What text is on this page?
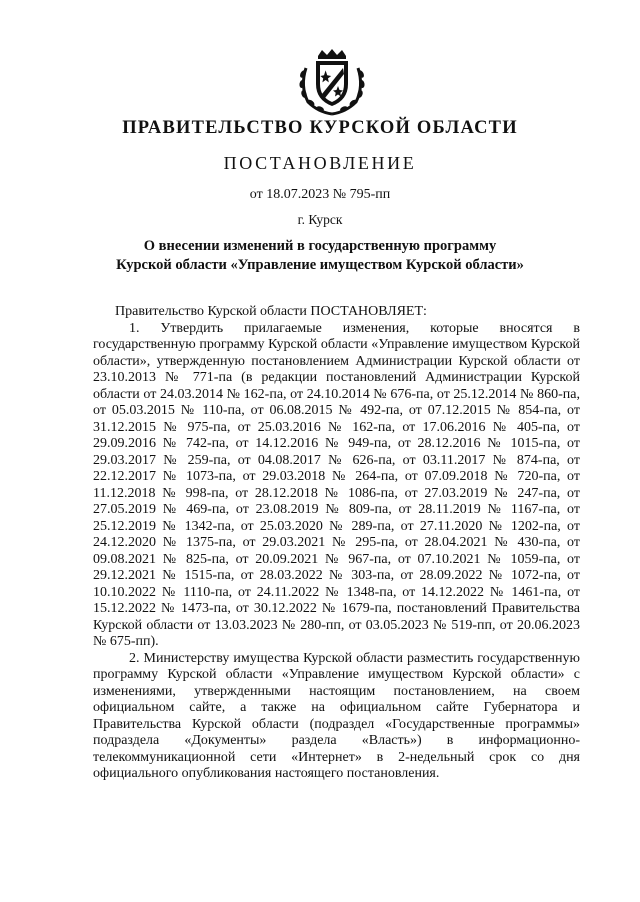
ПРАВИТЕЛЬСТВО КУРСКОЙ ОБЛАСТИ
ПОСТАНОВЛЕНИЕ
от 18.07.2023 № 795-пп
г. Курск
О внесении изменений в государственную программу
Курской области «Управление имуществом Курской области»

Правительство Курской области ПОСТАНОВЛЯЕТ:

1. Утвердить прилагаемые изменения, которые вносятся в государственную программу Курской области «Управление имуществом Курской области», утвержденную постановлением Администрации Курской области от 23.10.2013 № 771-па (в редакции постановлений Администрации Курской области от 24.03.2014 № 162-па, от 24.10.2014 № 676-па, от 25.12.2014 № 860-па, от 05.03.2015 № 110-па, от 06.08.2015 № 492-па, от 07.12.2015 № 854-па, от 31.12.2015 № 975-па, от 25.03.2016 № 162-па, от 17.06.2016 № 405-па, от 29.09.2016 № 742-па, от 14.12.2016 № 949-па, от 28.12.2016 № 1015-па, от 29.03.2017 № 259-па, от 04.08.2017 № 626-па, от 03.11.2017 № 874-па, от 22.12.2017 № 1073-па, от 29.03.2018 № 264-па, от 07.09.2018 № 720-па, от 11.12.2018 № 998-па, от 28.12.2018 № 1086-па, от 27.03.2019 № 247-па, от 27.05.2019 № 469-па, от 23.08.2019 № 809-па, от 28.11.2019 № 1167-па, от 25.12.2019 № 1342-па, от 25.03.2020 № 289-па, от 27.11.2020 № 1202-па, от 24.12.2020 № 1375-па, от 29.03.2021 № 295-па, от 28.04.2021 № 430-па, от 09.08.2021 № 825-па, от 20.09.2021 № 967-па, от 07.10.2021 № 1059-па, от 29.12.2021 № 1515-па, от 28.03.2022 № 303-па, от 28.09.2022 № 1072-па, от 10.10.2022 № 1110-па, от 24.11.2022 № 1348-па, от 14.12.2022 № 1461-па, от 15.12.2022 № 1473-па, от 30.12.2022 № 1679-па, постановлений Правительства Курской области от 13.03.2023 № 280-пп, от 03.05.2023 № 519-пп, от 20.06.2023 № 675-пп).

2. Министерству имущества Курской области разместить государственную программу Курской области «Управление имуществом Курской области» с изменениями, утвержденными настоящим постановлением, на своем официальном сайте, а также на официальном сайте Губернатора и Правительства Курской области (подраздел «Государственные программы» подраздела «Документы» раздела «Власть») в информационно-телекоммуникационной сети «Интернет» в 2-недельный срок со дня официального опубликования настоящего постановления.
